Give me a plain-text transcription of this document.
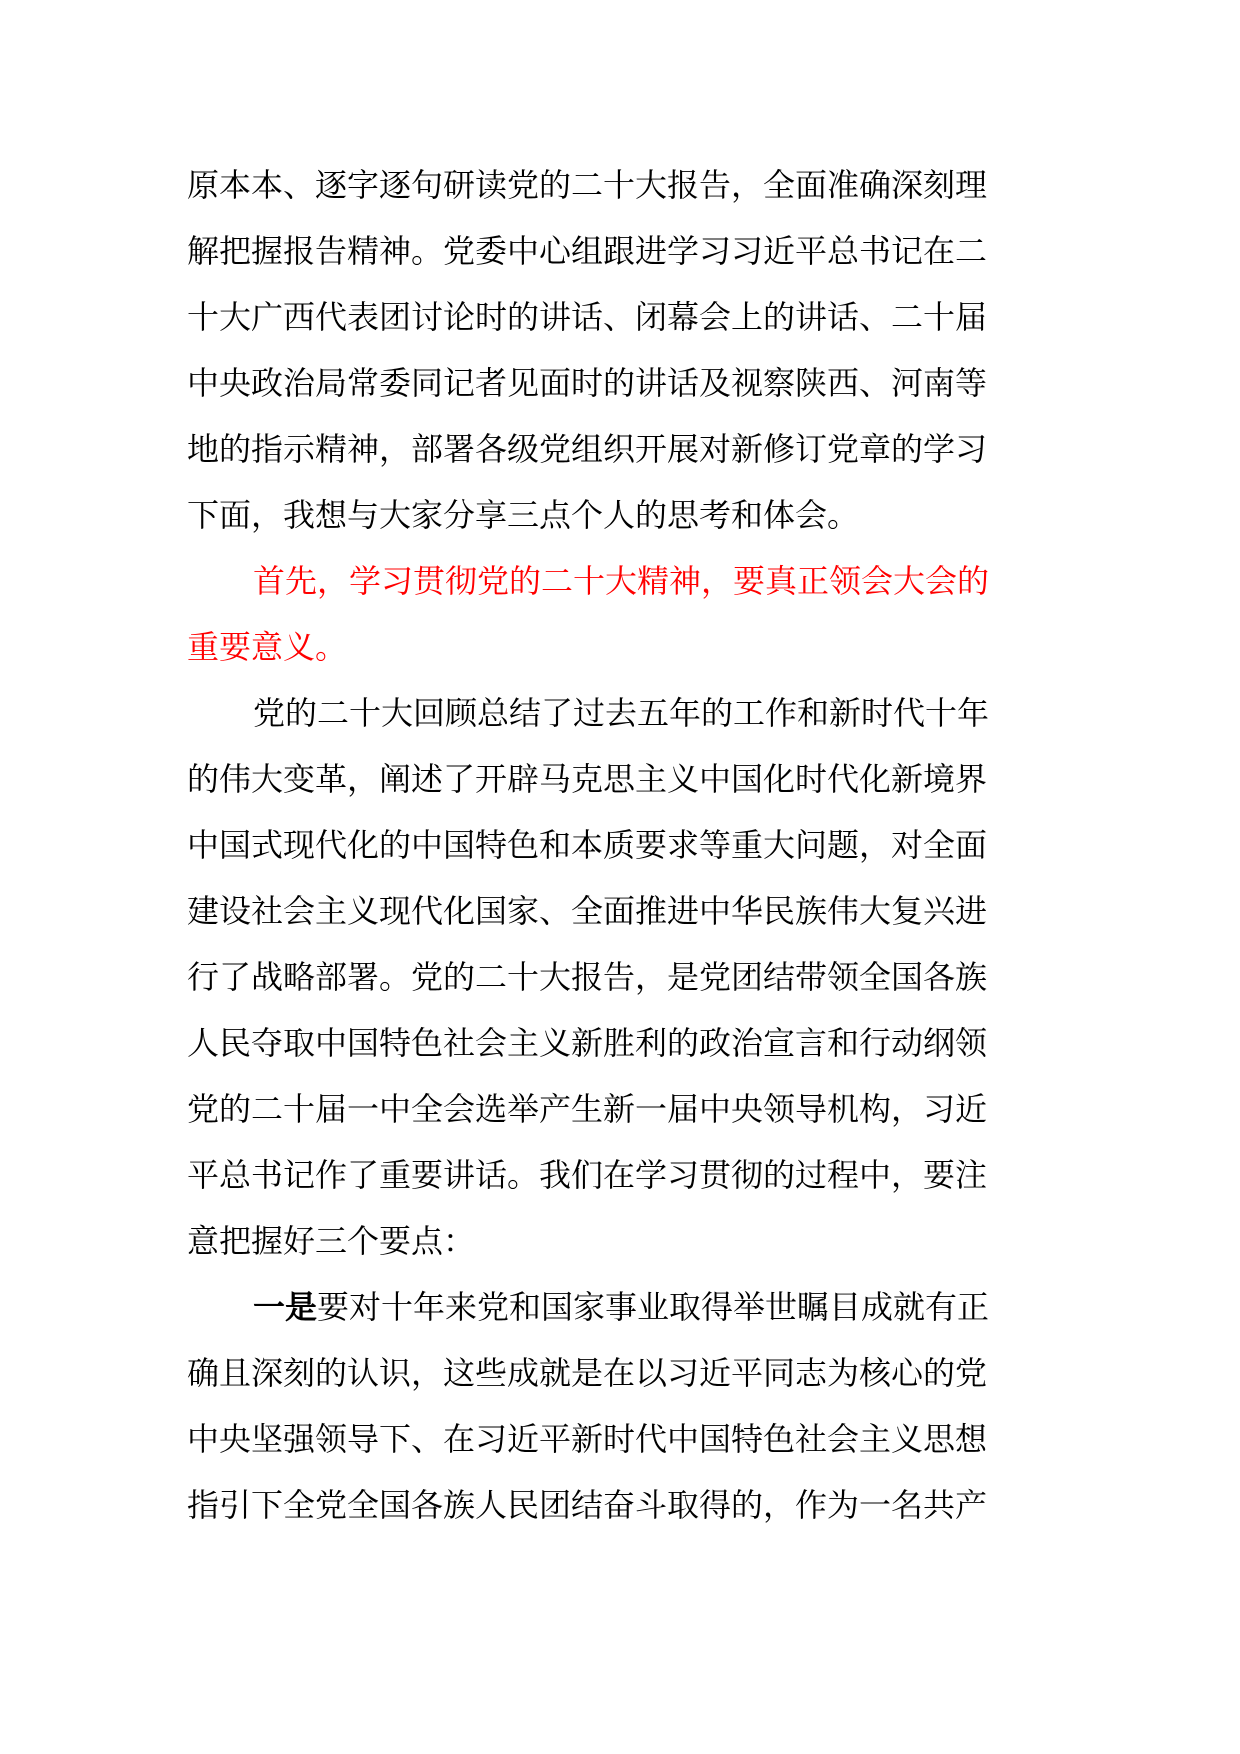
原本本、逐字逐句研读党的二十大报告，全面准确深刻理
解把握报告精神。党委中心组跟进学习习近平总书记在二
十大广西代表团讨论时的讲话、闭幕会上的讲话、二十届
中央政治局常委同记者见面时的讲话及视察陕西、河南等
地的指示精神，部署各级党组织开展对新修订党章的学习
下面，我想与大家分享三点个人的思考和体会。
首先，学习贯彻党的二十大精神，要真正领会大会的
重要意义。
党的二十大回顾总结了过去五年的工作和新时代十年
的伟大变革，阐述了开辟马克思主义中国化时代化新境界
中国式现代化的中国特色和本质要求等重大问题，对全面
建设社会主义现代化国家、全面推进中华民族伟大复兴进
行了战略部署。党的二十大报告，是党团结带领全国各族
人民夺取中国特色社会主义新胜利的政治宣言和行动纲领
党的二十届一中全会选举产生新一届中央领导机构，习近
平总书记作了重要讲话。我们在学习贯彻的过程中，要注
意把握好三个要点：
一是要对十年来党和国家事业取得举世瞩目成就有正
确且深刻的认识，这些成就是在以习近平同志为核心的党
中央坚强领导下、在习近平新时代中国特色社会主义思想
指引下全党全国各族人民团结奋斗取得的，作为一名共产
